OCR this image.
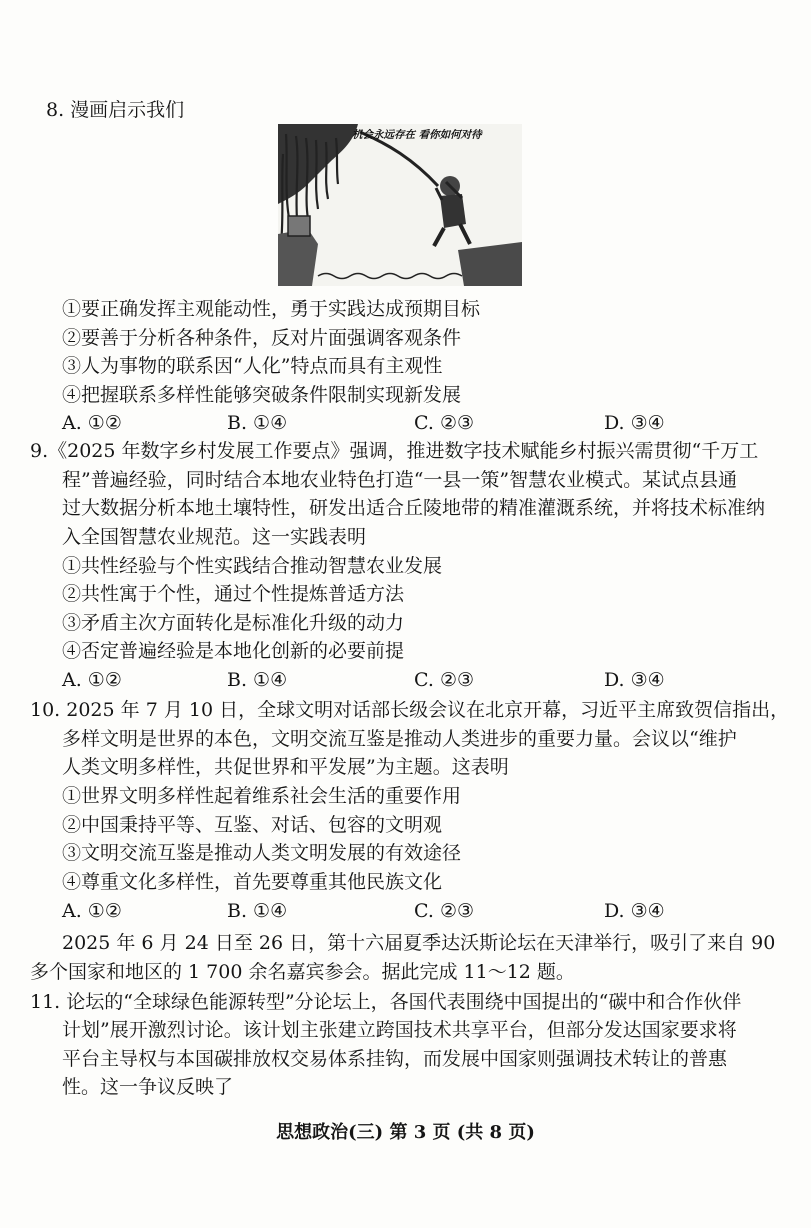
8. 漫画启示我们
机会永远存在 看你如何对待
①要正确发挥主观能动性，勇于实践达成预期目标
②要善于分析各种条件，反对片面强调客观条件
③人为事物的联系因“人化”特点而具有主观性
④把握联系多样性能够突破条件限制实现新发展
A. ①②	B. ①④	C. ②③	D. ③④
9.《2025 年数字乡村发展工作要点》强调，推进数字技术赋能乡村振兴需贯彻“千万工
程”普遍经验，同时结合本地农业特色打造“一县一策”智慧农业模式。某试点县通
过大数据分析本地土壤特性，研发出适合丘陵地带的精准灌溉系统，并将技术标准纳
入全国智慧农业规范。这一实践表明
①共性经验与个性实践结合推动智慧农业发展
②共性寓于个性，通过个性提炼普适方法
③矛盾主次方面转化是标准化升级的动力
④否定普遍经验是本地化创新的必要前提
A. ①②	B. ①④	C. ②③	D. ③④
10. 2025 年 7 月 10 日，全球文明对话部长级会议在北京开幕，习近平主席致贺信指出，
多样文明是世界的本色，文明交流互鉴是推动人类进步的重要力量。会议以“维护
人类文明多样性，共促世界和平发展”为主题。这表明
①世界文明多样性起着维系社会生活的重要作用
②中国秉持平等、互鉴、对话、包容的文明观
③文明交流互鉴是推动人类文明发展的有效途径
④尊重文化多样性，首先要尊重其他民族文化
A. ①②	B. ①④	C. ②③	D. ③④
2025 年 6 月 24 日至 26 日，第十六届夏季达沃斯论坛在天津举行，吸引了来自 90
多个国家和地区的 1 700 余名嘉宾参会。据此完成 11～12 题。
11. 论坛的“全球绿色能源转型”分论坛上，各国代表围绕中国提出的“碳中和合作伙伴
计划”展开激烈讨论。该计划主张建立跨国技术共享平台，但部分发达国家要求将
平台主导权与本国碳排放权交易体系挂钩，而发展中国家则强调技术转让的普惠
性。这一争议反映了
思想政治(三) 第 3 页 (共 8 页)
